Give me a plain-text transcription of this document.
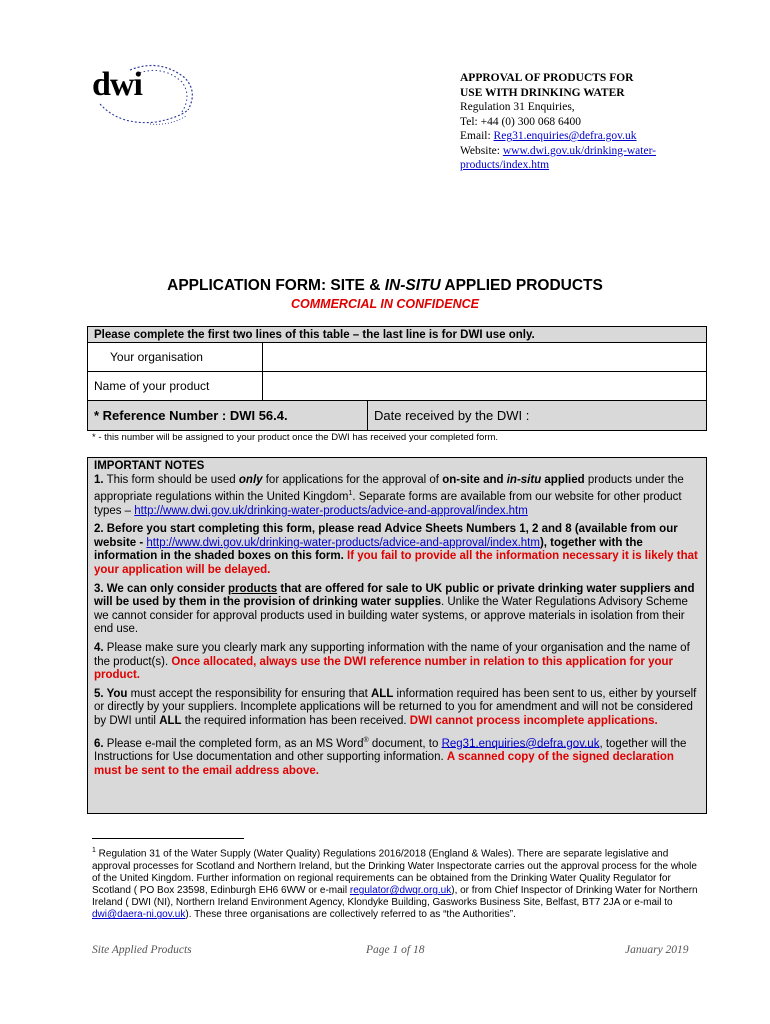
dwi	APPROVAL OF PRODUCTS FOR
USE WITH DRINKING WATER
Regulation 31 Enquiries,
Tel: +44 (0) 300 068 6400
Email: Reg31.enquiries@defra.gov.uk
Website: www.dwi.gov.uk/drinking-water-
products/index.htm
APPLICATION FORM: SITE & IN-SITU APPLIED PRODUCTS
COMMERCIAL IN CONFIDENCE
Please complete the first two lines of this table – the last line is for DWI use only.	
Your organisation	
Name of your product	
* Reference Number : DWI 56.4.	Date received by the DWI :
* - this number will be assigned to your product once the DWI has received your completed form.
IMPORTANT NOTES

1. This form should be used only for applications for the approval of on-site and in-situ applied products under the appropriate regulations within the United Kingdom$^1$. Separate forms are available from our website for other product types – http://www.dwi.gov.uk/drinking-water-products/advice-and-approval/index.htm

2. Before you start completing this form, please read Advice Sheets Numbers 1, 2 and 8 (available from our website - http://www.dwi.gov.uk/drinking-water-products/advice-and-approval/index.htm), together with the information in the shaded boxes on this form. If you fail to provide all the information necessary it is likely that your application will be delayed.

3. We can only consider products that are offered for sale to UK public or private drinking water suppliers and will be used by them in the provision of drinking water supplies. Unlike the Water Regulations Advisory Scheme we cannot consider for approval products used in building water systems, or approve materials in isolation from their end use.

4. Please make sure you clearly mark any supporting information with the name of your organisation and the name of the product(s). Once allocated, always use the DWI reference number in relation to this application for your product.

5. You must accept the responsibility for ensuring that ALL information required has been sent to us, either by yourself or directly by your suppliers. Incomplete applications will be returned to you for amendment and will not be considered by DWI until ALL the required information has been received. DWI cannot process incomplete applications.

6. Please e-mail the completed form, as an MS Word® document, to Reg31.enquiries@defra.gov.uk, together will the Instructions for Use documentation and other supporting information. A scanned copy of the signed declaration must be sent to the email address above.

$^1$ Regulation 31 of the Water Supply (Water Quality) Regulations 2016/2018 (England & Wales). There are separate legislative and approval processes for Scotland and Northern Ireland, but the Drinking Water Inspectorate carries out the approval process for the whole of the United Kingdom. Further information on regional requirements can be obtained from the Drinking Water Quality Regulator for Scotland ( PO Box 23598, Edinburgh EH6 6WW or e-mail regulator@dwqr.org.uk), or from Chief Inspector of Drinking Water for Northern Ireland ( DWI (NI), Northern Ireland Environment Agency, Klondyke Building, Gasworks Business Site, Belfast, BT7 2JA or e-mail to dwi@daera-ni.gov.uk). These three organisations are collectively referred to as “the Authorities”.
Site Applied Products	Page 1 of 18	January 2019
